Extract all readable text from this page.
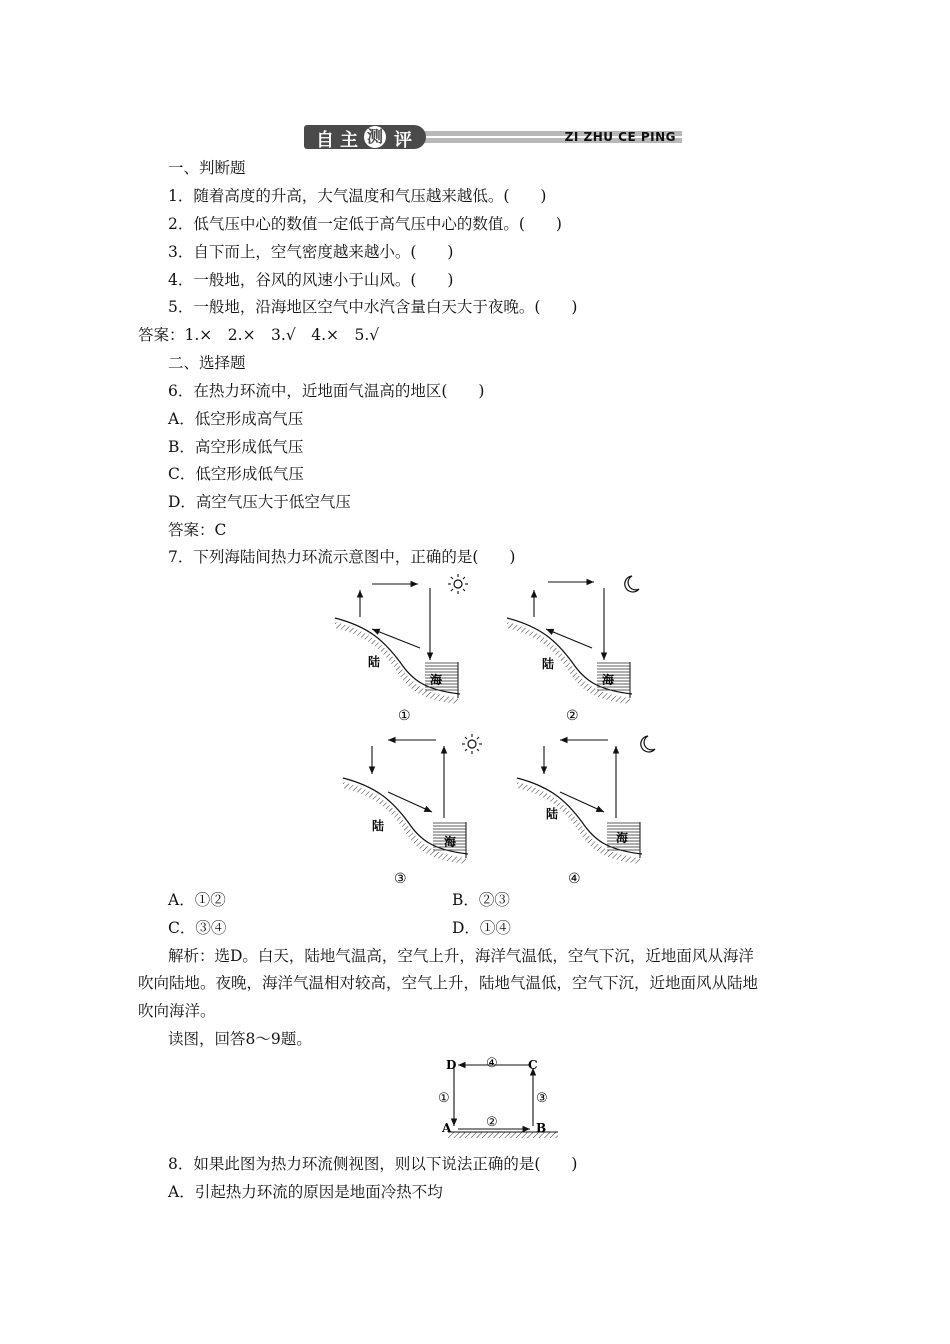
自 主 测 评	ZI ZHU CE PING
一、判断题
1．随着高度的升高，大气温度和气压越来越低。(　　)
2．低气压中心的数值一定低于高气压中心的数值。(　　)
3．自下而上，空气密度越来越小。(　　)
4．一般地，谷风的风速小于山风。(　　)
5．一般地，沿海地区空气中水汽含量白天大于夜晚。(　　)
答案：1.×　2.×　3.√　4.×　5.√
二、选择题
6．在热力环流中，近地面气温高的地区(　　)
A．低空形成高气压
B．高空形成低气压
C．低空形成低气压
D．高空气压大于低空气压
答案：C
7．下列海陆间热力环流示意图中，正确的是(　　)
陆
海
①
陆
海
②
陆
海
③
陆
海
④
A．①②	B．②③
C．③④	D．①④
解析：选D。白天，陆地气温高，空气上升，海洋气温低，空气下沉，近地面风从海洋
吹向陆地。夜晚，海洋气温相对较高，空气上升，陆地气温低，空气下沉，近地面风从陆地
吹向海洋。
读图，回答8～9题。
D	C
A	B
④
①	③
②
8．如果此图为热力环流侧视图，则以下说法正确的是(　　)
A．引起热力环流的原因是地面冷热不均
